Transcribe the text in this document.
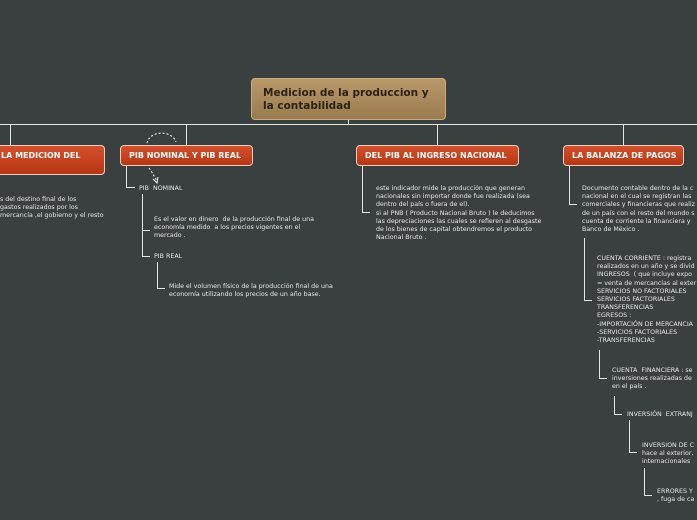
Medicion de la produccion y
la contabilidad
LA MEDICION DEL	PIB NOMINAL Y PIB REAL	DEL PIB AL INGRESO NACIONAL	LA BALANZA DE PAGOS
s del destino final de los
gastos realizados por los
mercancía ,el gobierno y el resto
PIB  NOMINAL
Es el valor en dinero  de la producción final de una
economía medido  a los precios vigentes en el
mercado .
PIB REAL
Mide el volumen físico de la producción final de una
economía utilizando los precios de un año base.
este indicador mide la producción que generan
nacionales sin importar donde fue realizada (sea
dentro del país o fuera de el).
si al PNB ( Producto Nacional Bruto ) le deducimos
las depreciaciones las cuales se refieren al desgaste
de los bienes de capital obtendremos el producto
Nacional Bruto .
Documento contable dentro de la c
nacional en el cual se registran las
comerciales y financieras que realiz
de un país con el resto del mundo s
cuenta de corriente la financiera y
Banco de México .
CUENTA CORRIENTE : registra
realizados en un año y se divid
INGRESOS  ( que incluye expo
= venta de mercancías al exter
SERVICIOS NO FACTORIALES
SERVICIOS FACTORIALES
TRANSFERENCIAS
EGRESOS :
-IMPORTACIÓN DE MERCANCIA
-SERVICIOS FACTORIALES
-TRANSFERENCIAS
CUENTA  FINANCIERA : se
inversiones realizadas de
en el país .
INVERSIÓN  EXTRANJ
INVERSION DE C
hace al exterior,
internacionales
ERRORES Y
, fuga de ca
